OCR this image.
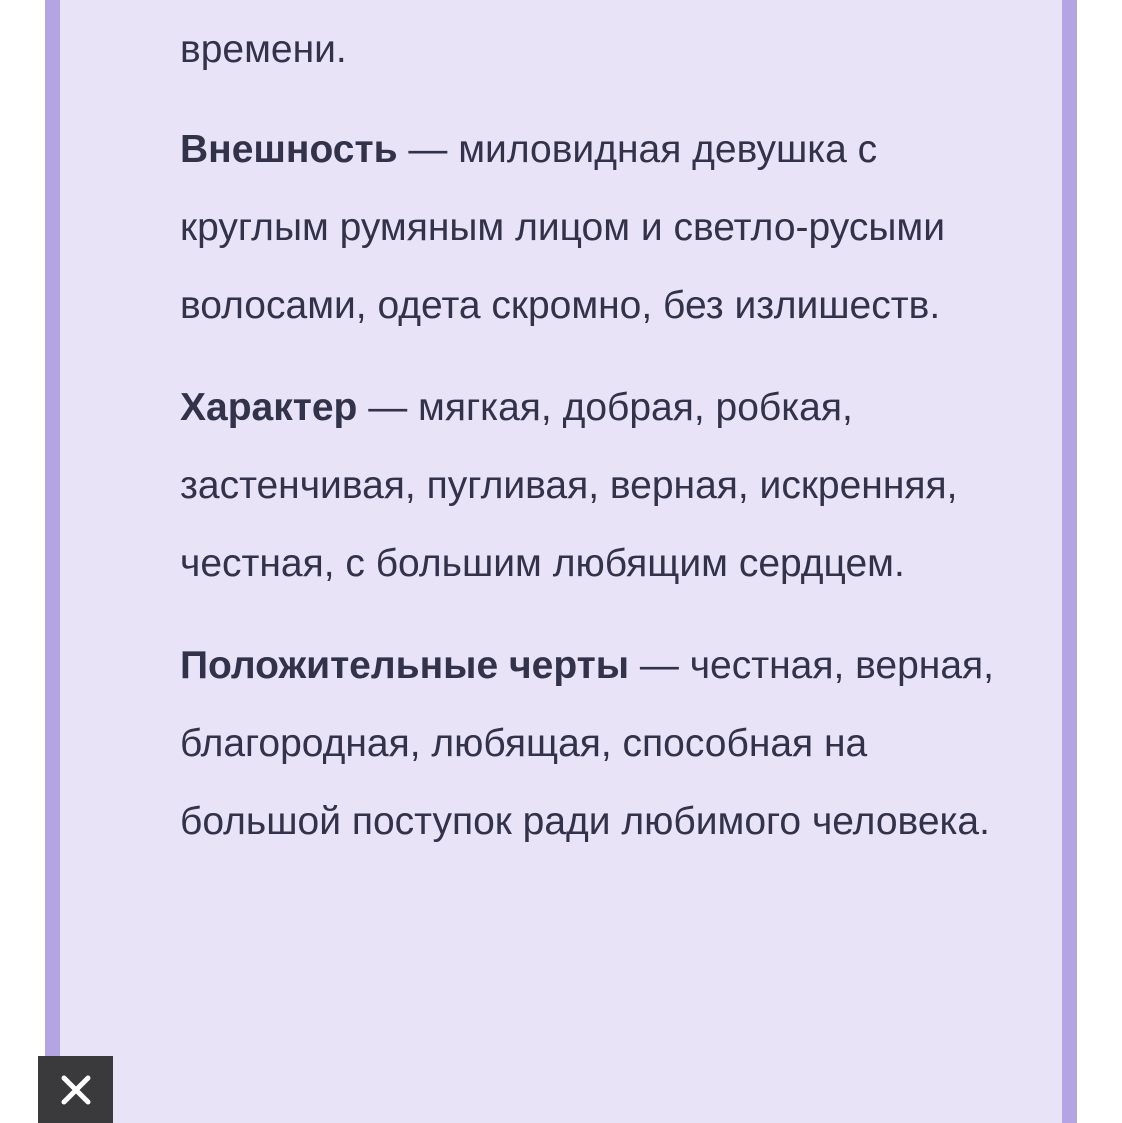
времени.

Внешность — миловидная девушка с круглым румяным лицом и светло-русыми волосами, одета скромно, без излишеств.

Характер — мягкая, добрая, робкая, застенчивая, пугливая, верная, искренняя, честная, с большим любящим сердцем.

Положительные черты — честная, верная, благородная, любящая, способная на большой поступок ради любимого человека.
